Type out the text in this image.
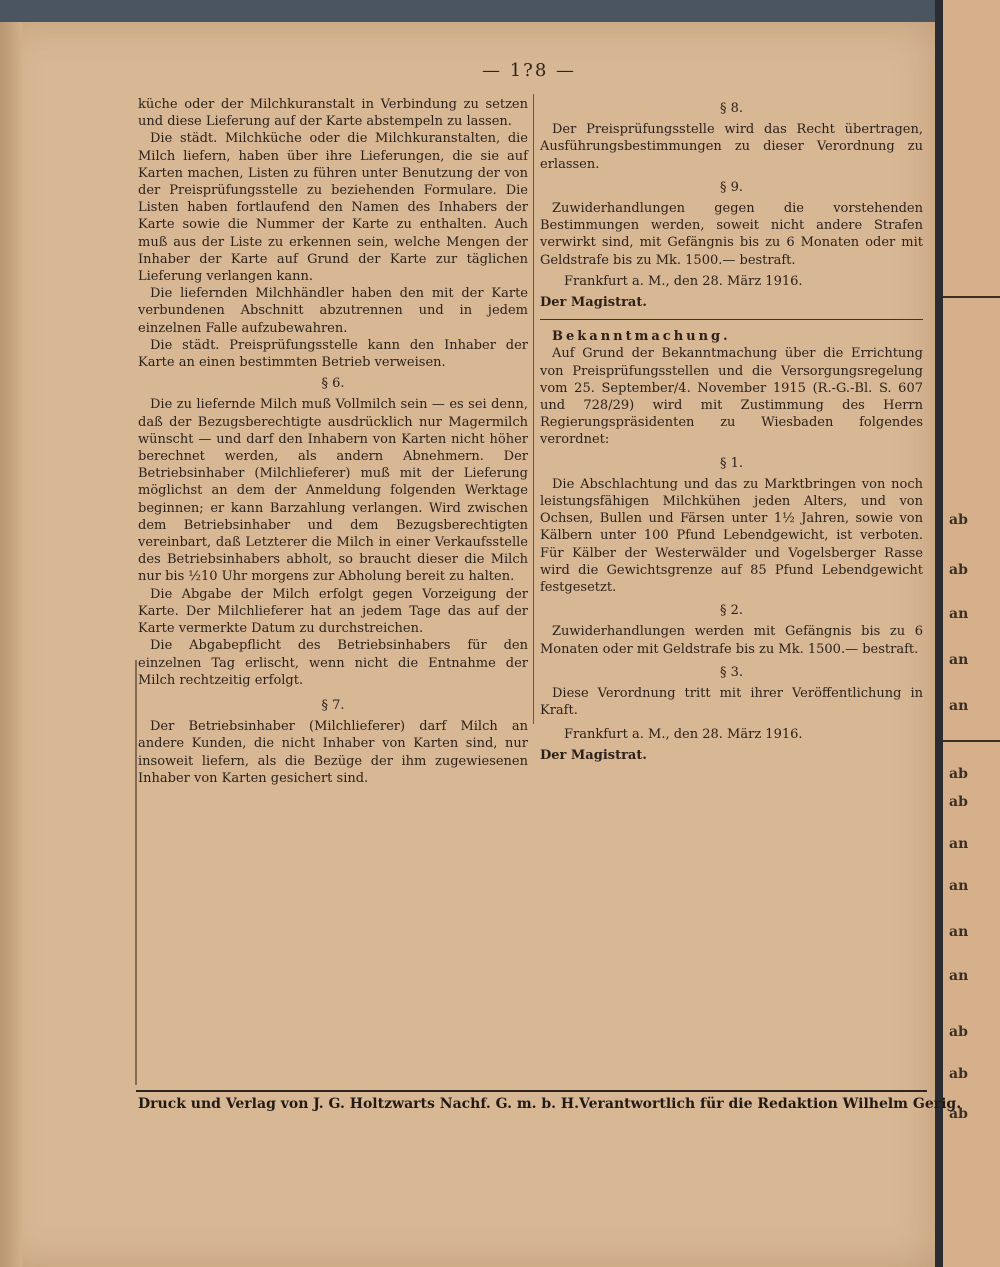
ab
ab
an
an
an
ab
ab
an
an
an
an
ab
ab
ab
— 1?8 —

küche oder der Milchkuranstalt in Verbindung zu setzen und diese Lieferung auf der Karte abstempeln zu lassen.

Die städt. Milchküche oder die Milchkuranstalten, die Milch liefern, haben über ihre Lieferungen, die sie auf Karten machen, Listen zu führen unter Benutzung der von der Preisprüfungsstelle zu beziehenden Formulare. Die Listen haben fortlaufend den Namen des Inhabers der Karte sowie die Nummer der Karte zu enthalten. Auch muß aus der Liste zu erkennen sein, welche Mengen der Inhaber der Karte auf Grund der Karte zur täglichen Lieferung verlangen kann.

Die liefernden Milchhändler haben den mit der Karte verbundenen Abschnitt abzutrennen und in jedem einzelnen Falle aufzubewahren.

Die städt. Preisprüfungsstelle kann den Inhaber der Karte an einen bestimmten Betrieb verweisen.

§ 6.

Die zu liefernde Milch muß Vollmilch sein — es sei denn, daß der Bezugsberechtigte ausdrücklich nur Magermilch wünscht — und darf den Inhabern von Karten nicht höher berechnet werden, als andern Abnehmern. Der Betriebsinhaber (Milchlieferer) muß mit der Lieferung möglichst an dem der Anmeldung folgenden Werktage beginnen; er kann Barzahlung verlangen. Wird zwischen dem Betriebsinhaber und dem Bezugsberechtigten vereinbart, daß Letzterer die Milch in einer Verkaufsstelle des Betriebsinhabers abholt, so braucht dieser die Milch nur bis ½10 Uhr morgens zur Abholung bereit zu halten.

Die Abgabe der Milch erfolgt gegen Vorzeigung der Karte. Der Milchlieferer hat an jedem Tage das auf der Karte vermerkte Datum zu durchstreichen.

Die Abgabepflicht des Betriebsinhabers für den einzelnen Tag erlischt, wenn nicht die Entnahme der Milch rechtzeitig erfolgt.

§ 7.

Der Betriebsinhaber (Milchlieferer) darf Milch an andere Kunden, die nicht Inhaber von Karten sind, nur insoweit liefern, als die Bezüge der ihm zugewiesenen Inhaber von Karten gesichert sind.

§ 8.

Der Preisprüfungsstelle wird das Recht übertragen, Ausführungsbestimmungen zu dieser Verordnung zu erlassen.

§ 9.

Zuwiderhandlungen gegen die vorstehenden Bestimmungen werden, soweit nicht andere Strafen verwirkt sind, mit Gefängnis bis zu 6 Monaten oder mit Geldstrafe bis zu Mk. 1500.— bestraft.

Frankfurt a. M., den 28. März 1916.

Der Magistrat.

Bekanntmachung.

Auf Grund der Bekanntmachung über die Errichtung von Preisprüfungsstellen und die Versorgungsregelung vom 25. September/4. November 1915 (R.-G.-Bl. S. 607 und 728/29) wird mit Zustimmung des Herrn Regierungspräsidenten zu Wiesbaden folgendes verordnet:

§ 1.

Die Abschlachtung und das zu Marktbringen von noch leistungsfähigen Milchkühen jeden Alters, und von Ochsen, Bullen und Färsen unter 1½ Jahren, sowie von Kälbern unter 100 Pfund Lebendgewicht, ist verboten. Für Kälber der Westerwälder und Vogelsberger Rasse wird die Gewichtsgrenze auf 85 Pfund Lebendgewicht festgesetzt.

§ 2.

Zuwiderhandlungen werden mit Gefängnis bis zu 6 Monaten oder mit Geldstrafe bis zu Mk. 1500.— bestraft.

§ 3.

Diese Verordnung tritt mit ihrer Veröffentlichung in Kraft.

Frankfurt a. M., den 28. März 1916.

Der Magistrat.

Druck und Verlag von J. G. Holtzwarts Nachf. G. m. b. H. Verantwortlich für die Redaktion Wilhelm Gerig.
